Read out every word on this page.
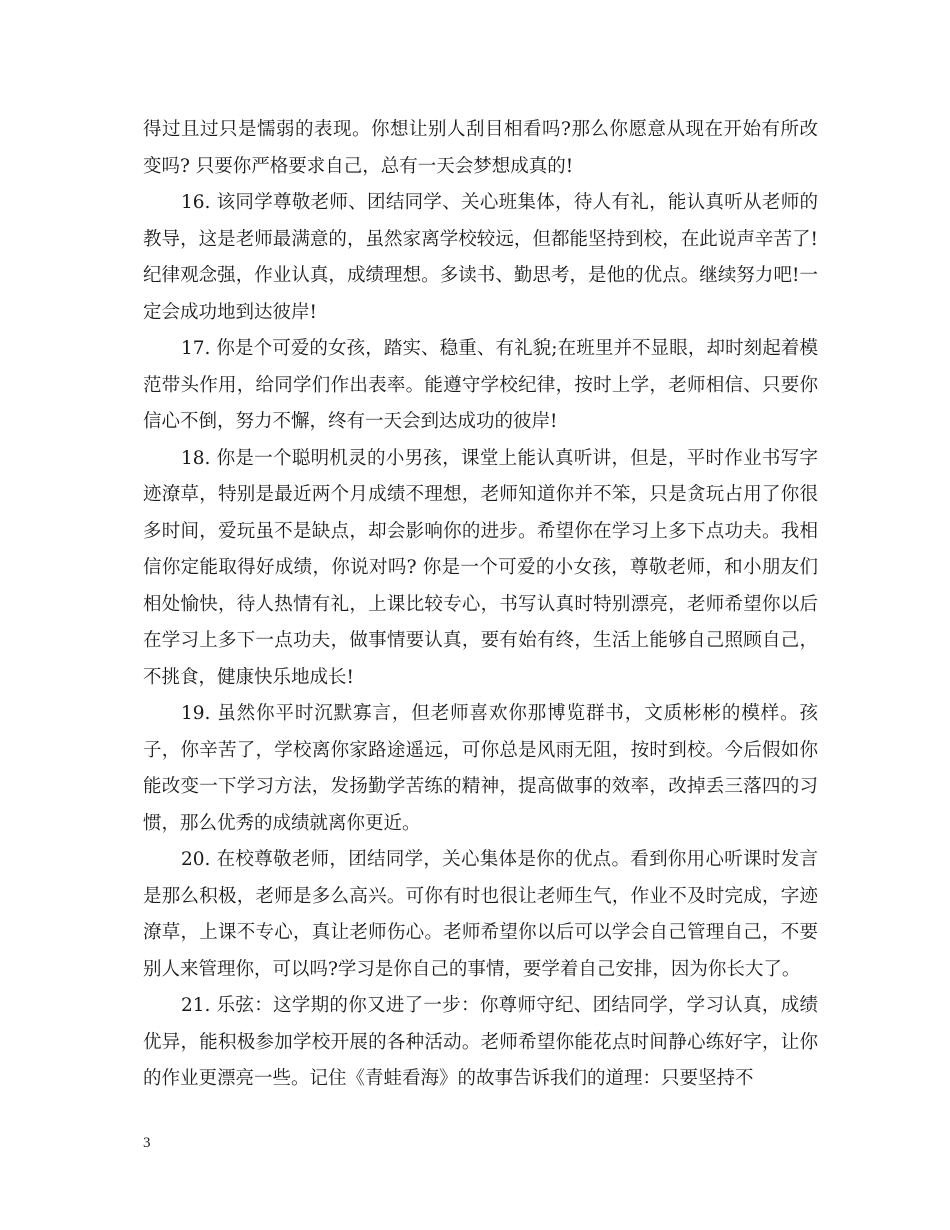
得过且过只是懦弱的表现。你想让别人刮目相看吗?那么你愿意从现在开始有所改变吗? 只要你严格要求自己，总有一天会梦想成真的!

16. 该同学尊敬老师、团结同学、关心班集体，待人有礼，能认真听从老师的教导，这是老师最满意的，虽然家离学校较远，但都能坚持到校，在此说声辛苦了!纪律观念强，作业认真，成绩理想。多读书、勤思考，是他的优点。继续努力吧!一定会成功地到达彼岸!

17. 你是个可爱的女孩，踏实、稳重、有礼貌;在班里并不显眼，却时刻起着模范带头作用，给同学们作出表率。能遵守学校纪律，按时上学，老师相信、只要你信心不倒，努力不懈，终有一天会到达成功的彼岸!

18. 你是一个聪明机灵的小男孩，课堂上能认真听讲，但是，平时作业书写字迹潦草，特别是最近两个月成绩不理想，老师知道你并不笨，只是贪玩占用了你很多时间，爱玩虽不是缺点，却会影响你的进步。希望你在学习上多下点功夫。我相信你定能取得好成绩，你说对吗? 你是一个可爱的小女孩，尊敬老师，和小朋友们相处愉快，待人热情有礼，上课比较专心，书写认真时特别漂亮，老师希望你以后在学习上多下一点功夫，做事情要认真，要有始有终，生活上能够自己照顾自己，不挑食，健康快乐地成长!

19. 虽然你平时沉默寡言，但老师喜欢你那博览群书，文质彬彬的模样。孩子，你辛苦了，学校离你家路途遥远，可你总是风雨无阻，按时到校。今后假如你能改变一下学习方法，发扬勤学苦练的精神，提高做事的效率，改掉丢三落四的习惯，那么优秀的成绩就离你更近。

20. 在校尊敬老师，团结同学，关心集体是你的优点。看到你用心听课时发言是那么积极，老师是多么高兴。可你有时也很让老师生气，作业不及时完成，字迹潦草，上课不专心，真让老师伤心。老师希望你以后可以学会自己管理自己，不要别人来管理你，可以吗?学习是你自己的事情，要学着自己安排，因为你长大了。

21. 乐弦：这学期的你又进了一步：你尊师守纪、团结同学，学习认真，成绩优异，能积极参加学校开展的各种活动。老师希望你能花点时间静心练好字，让你的作业更漂亮一些。记住《青蛙看海》的故事告诉我们的道理：只要坚持不

3
